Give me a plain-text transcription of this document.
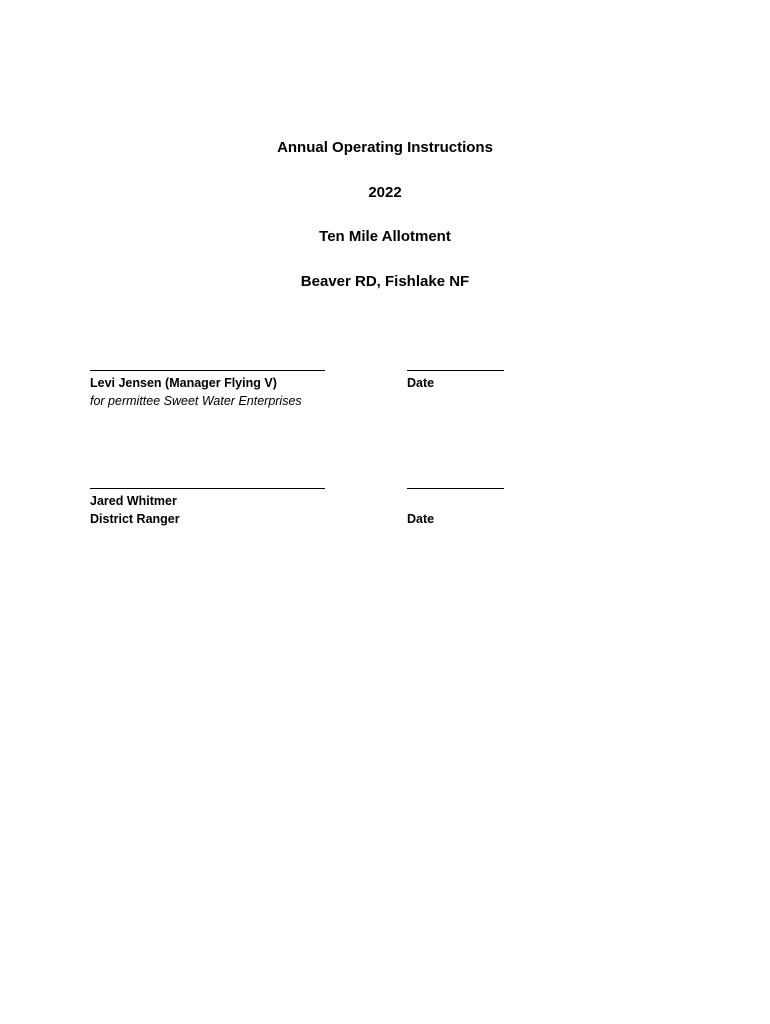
Annual Operating Instructions
2022
Ten Mile Allotment
Beaver RD, Fishlake NF
Levi Jensen (Manager Flying V)
for permittee Sweet Water Enterprises
Date
Jared Whitmer
District Ranger	Date
